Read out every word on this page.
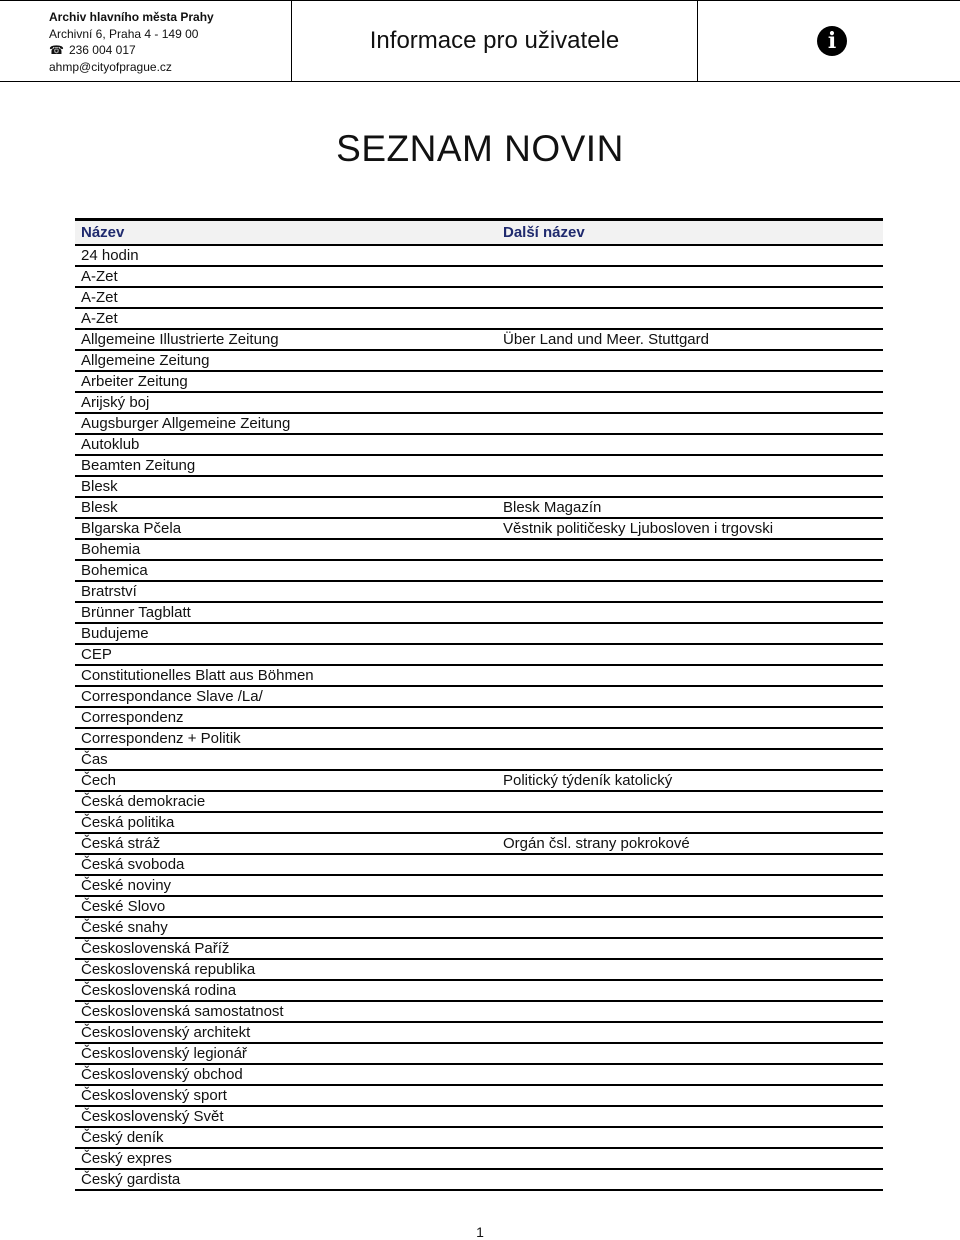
Archiv hlavního města Prahy
Archivní 6, Praha 4 - 149 00
☎ 236 004 017
ahmp@cityofprague.cz
Informace pro uživatele	i
SEZNAM NOVIN
Název	Další název
24 hodin	
A-Zet	
A-Zet	
A-Zet	
Allgemeine Illustrierte Zeitung	Über Land und Meer. Stuttgard
Allgemeine Zeitung	
Arbeiter Zeitung	
Arijský boj	
Augsburger Allgemeine Zeitung	
Autoklub	
Beamten Zeitung	
Blesk	
Blesk	Blesk Magazín
Blgarska Pčela	Věstnik političesky Ljubosloven i trgovski
Bohemia	
Bohemica	
Bratrství	
Brünner Tagblatt	
Budujeme	
CEP	
Constitutionelles Blatt aus Böhmen	
Correspondance Slave /La/	
Correspondenz	
Correspondenz + Politik	
Čas	
Čech	Politický týdeník katolický
Česká demokracie	
Česká politika	
Česká stráž	Orgán čsl. strany pokrokové
Česká svoboda	
České noviny	
České Slovo	
České snahy	
Československá Paříž	
Československá republika	
Československá rodina	
Československá samostatnost	
Československý architekt	
Československý legionář	
Československý obchod	
Československý sport	
Československý Svět	
Český deník	
Český expres	
Český gardista	
1
